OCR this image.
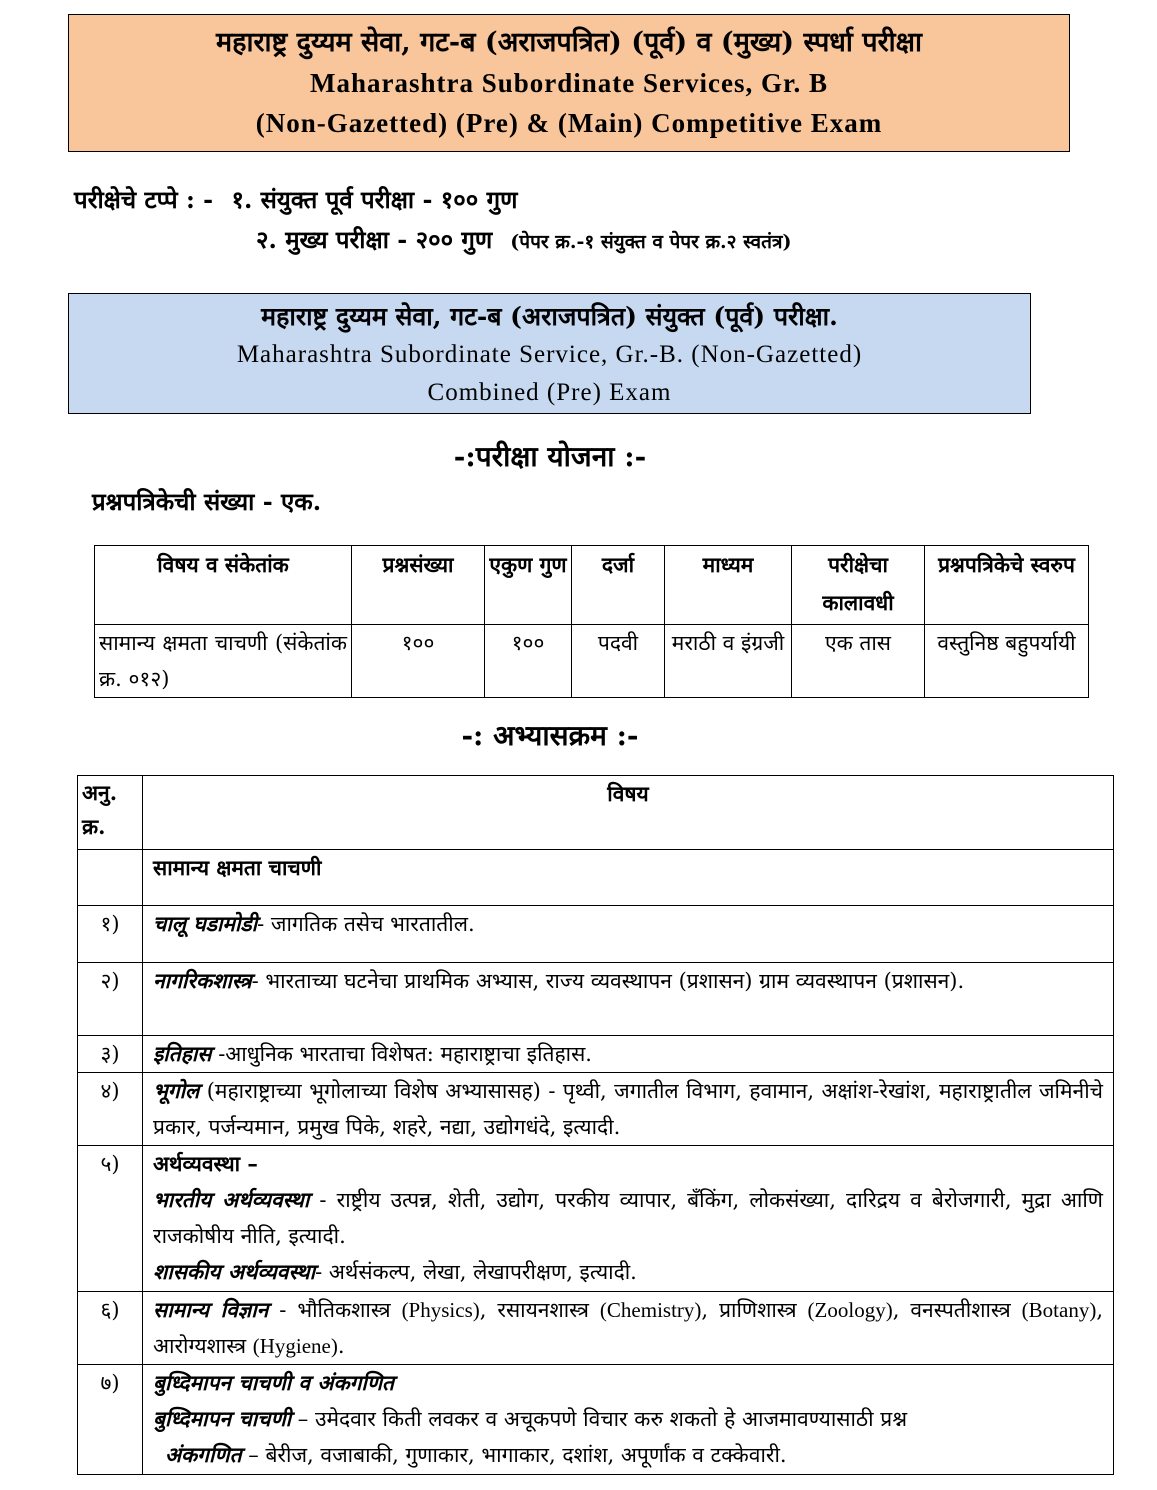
महाराष्ट्र दुय्यम सेवा, गट-ब (अराजपत्रित) (पूर्व) व (मुख्य) स्पर्धा परीक्षा
Maharashtra Subordinate Services, Gr. B
(Non-Gazetted) (Pre) & (Main) Competitive Exam
परीक्षेचे टप्पे : - १. संयुक्त पूर्व परीक्षा - १०० गुण
२. मुख्य परीक्षा - २०० गुण (पेपर क्र.-१ संयुक्त व पेपर क्र.२ स्वतंत्र)
महाराष्ट्र दुय्यम सेवा, गट-ब (अराजपत्रित) संयुक्त (पूर्व) परीक्षा.
Maharashtra Subordinate Service, Gr.-B. (Non-Gazetted)
Combined (Pre) Exam
-:परीक्षा योजना :-
प्रश्नपत्रिकेची संख्या - एक.
विषय व संकेतांक	प्रश्नसंख्या	एकुण गुण	दर्जा	माध्यम	परीक्षेचा कालावधी	प्रश्नपत्रिकेचे स्वरुप
सामान्य क्षमता चाचणी (संकेतांक क्र. ०१२)	१००	१००	पदवी	मराठी व इंग्रजी	एक तास	वस्तुनिष्ठ बहुपर्यायी
-: अभ्यासक्रम :-
अनु. क्र.	विषय
	सामान्य क्षमता चाचणी
१)	चालू घडामोडी- जागतिक तसेच भारतातील.
२)	नागरिकशास्त्र- भारताच्या घटनेचा प्राथमिक अभ्यास, राज्य व्यवस्थापन (प्रशासन) ग्राम व्यवस्थापन (प्रशासन).
३)	इतिहास -आधुनिक भारताचा विशेषत: महाराष्ट्राचा इतिहास.
४)	भूगोल (महाराष्ट्राच्या भूगोलाच्या विशेष अभ्यासासह) - पृथ्वी, जगातील विभाग, हवामान, अक्षांश-रेखांश, महाराष्ट्रातील जमिनीचे प्रकार, पर्जन्यमान, प्रमुख पिके, शहरे, नद्या, उद्योगधंदे, इत्यादी.
५)	अर्थव्यवस्था –
भारतीय अर्थव्यवस्था - राष्ट्रीय उत्पन्न, शेती, उद्योग, परकीय व्यापार, बँकिंग, लोकसंख्या, दारिद्रय व बेरोजगारी, मुद्रा आणि राजकोषीय नीति, इत्यादी.
शासकीय अर्थव्यवस्था- अर्थसंकल्प, लेखा, लेखापरीक्षण, इत्यादी.

६)	सामान्य विज्ञान - भौतिकशास्त्र (Physics), रसायनशास्त्र (Chemistry), प्राणिशास्त्र (Zoology), वनस्पतीशास्त्र (Botany), आरोग्यशास्त्र (Hygiene).
७)	बुध्दिमापन चाचणी व अंकगणित
बुध्दिमापन चाचणी – उमेदवार किती लवकर व अचूकपणे विचार करु शकतो हे आजमावण्यासाठी प्रश्न
अंकगणित – बेरीज, वजाबाकी, गुणाकार, भागाकार, दशांश, अपूर्णांक व टक्केवारी.
